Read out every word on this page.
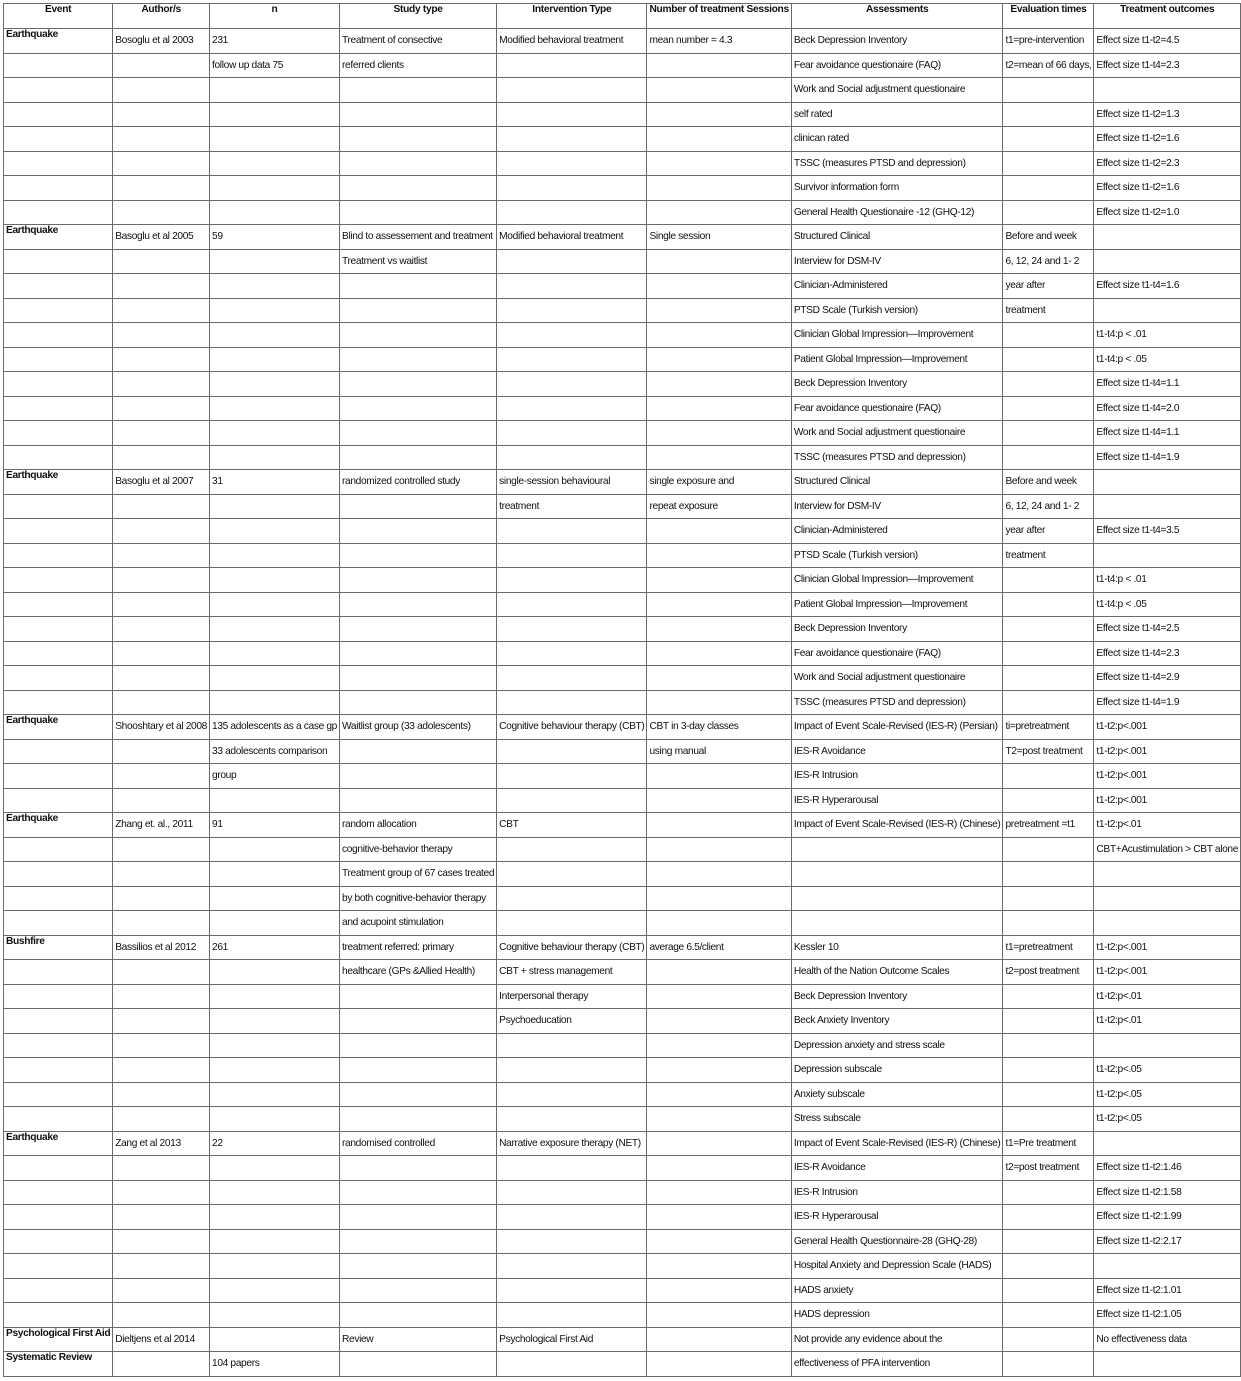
Event	Author/s	n	Study type	Intervention Type	Number of treatment Sessions	Assessments	Evaluation times	Treatment outcomes
Earthquake	Bosoglu et al 2003	231	Treatment of consective	Modified behavioral treatment	mean number = 4.3	Beck Depression Inventory	t1=pre-intervention	Effect size t1-t2=4.5
		follow up data 75	referred clients			Fear avoidance questionaire (FAQ)	t2=mean of 66 days,	Effect size t1-t4=2.3
						Work and Social adjustment questionaire		
						self rated		Effect size t1-t2=1.3
						clinican rated		Effect size t1-t2=1.6
						TSSC (measures PTSD and depression)		Effect size t1-t2=2.3
						Survivor information form		Effect size t1-t2=1.6
						General Health Questionaire -12 (GHQ-12)		Effect size t1-t2=1.0
Earthquake	Basoglu et al 2005	59	Blind to assessement and treatment	Modified behavioral treatment	Single session	Structured Clinical	Before and week	
			Treatment vs waitlist			Interview for DSM-IV	6, 12, 24 and 1- 2	
						Clinician-Administered	year after	Effect size t1-t4=1.6
						PTSD Scale (Turkish version)	treatment	
						Clinician Global Impression—Improvement		t1-t4:p < .01
						Patient Global Impression—Improvement		t1-t4:p < .05
						Beck Depression Inventory		Effect size t1-t4=1.1
						Fear avoidance questionaire (FAQ)		Effect size t1-t4=2.0
						Work and Social adjustment questionaire		Effect size t1-t4=1.1
						TSSC (measures PTSD and depression)		Effect size t1-t4=1.9
Earthquake	Basoglu et al 2007	31	randomized controlled study	single-session behavioural	single exposure and	Structured Clinical	Before and week	
				treatment	repeat exposure	Interview for DSM-IV	6, 12, 24 and 1- 2	
						Clinician-Administered	year after	Effect size t1-t4=3.5
						PTSD Scale (Turkish version)	treatment	
						Clinician Global Impression—Improvement		t1-t4:p < .01
						Patient Global Impression—Improvement		t1-t4:p < .05
						Beck Depression Inventory		Effect size t1-t4=2.5
						Fear avoidance questionaire (FAQ)		Effect size t1-t4=2.3
						Work and Social adjustment questionaire		Effect size t1-t4=2.9
						TSSC (measures PTSD and depression)		Effect size t1-t4=1.9
Earthquake	Shooshtary et al 2008	135 adolescents as a case gp	Waitlist group (33 adolescents)	Cognitive behaviour therapy (CBT)	CBT in 3-day classes	Impact of Event Scale-Revised (IES-R) (Persian)	ti=pretreatment	t1-t2:p<.001
		33 adolescents comparison			using manual	IES-R Avoidance	T2=post treatment	t1-t2:p<.001
		group				IES-R Intrusion		t1-t2:p<.001
						IES-R Hyperarousal		t1-t2:p<.001
Earthquake	Zhang et. al., 2011	91	random allocation	CBT		Impact of Event Scale-Revised (IES-R) (Chinese)	pretreatment =t1	t1-t2:p<.01
			cognitive-behavior therapy					CBT+Acustimulation > CBT alone
			Treatment group of 67 cases treated					
			by both cognitive-behavior therapy					
			and acupoint stimulation					
Bushfire	Bassilios et al 2012	261	treatment referred: primary	Cognitive behaviour therapy (CBT)	average 6.5/client	Kessler 10	t1=pretreatment	t1-t2:p<.001
			healthcare (GPs &Allied Health)	CBT + stress management		Health of the Nation Outcome Scales	t2=post treatment	t1-t2:p<.001
				Interpersonal therapy		Beck Depression Inventory		t1-t2:p<.01
				Psychoeducation		Beck Anxiety Inventory		t1-t2:p<.01
						Depression anxiety and stress scale		
						Depression subscale		t1-t2:p<.05
						Anxiety subscale		t1-t2:p<.05
						Stress subscale		t1-t2:p<.05
Earthquake	Zang et al 2013	22	randomised controlled	Narrative exposure therapy (NET)		Impact of Event Scale-Revised (IES-R) (Chinese)	t1=Pre treatment	
						IES-R Avoidance	t2=post treatment	Effect size t1-t2:1.46
						IES-R Intrusion		Effect size t1-t2:1.58
						IES-R Hyperarousal		Effect size t1-t2:1.99
						General Health Questionnaire-28 (GHQ-28)		Effect size t1-t2:2.17
						Hospital Anxiety and Depression Scale (HADS)		
						HADS anxiety		Effect size t1-t2:1.01
						HADS depression		Effect size t1-t2:1.05
Psychological First Aid	Dieltjens et al 2014		Review	Psychological First Aid		Not provide any evidence about the		No effectiveness data
Systematic Review		104 papers				effectiveness of PFA intervention		
